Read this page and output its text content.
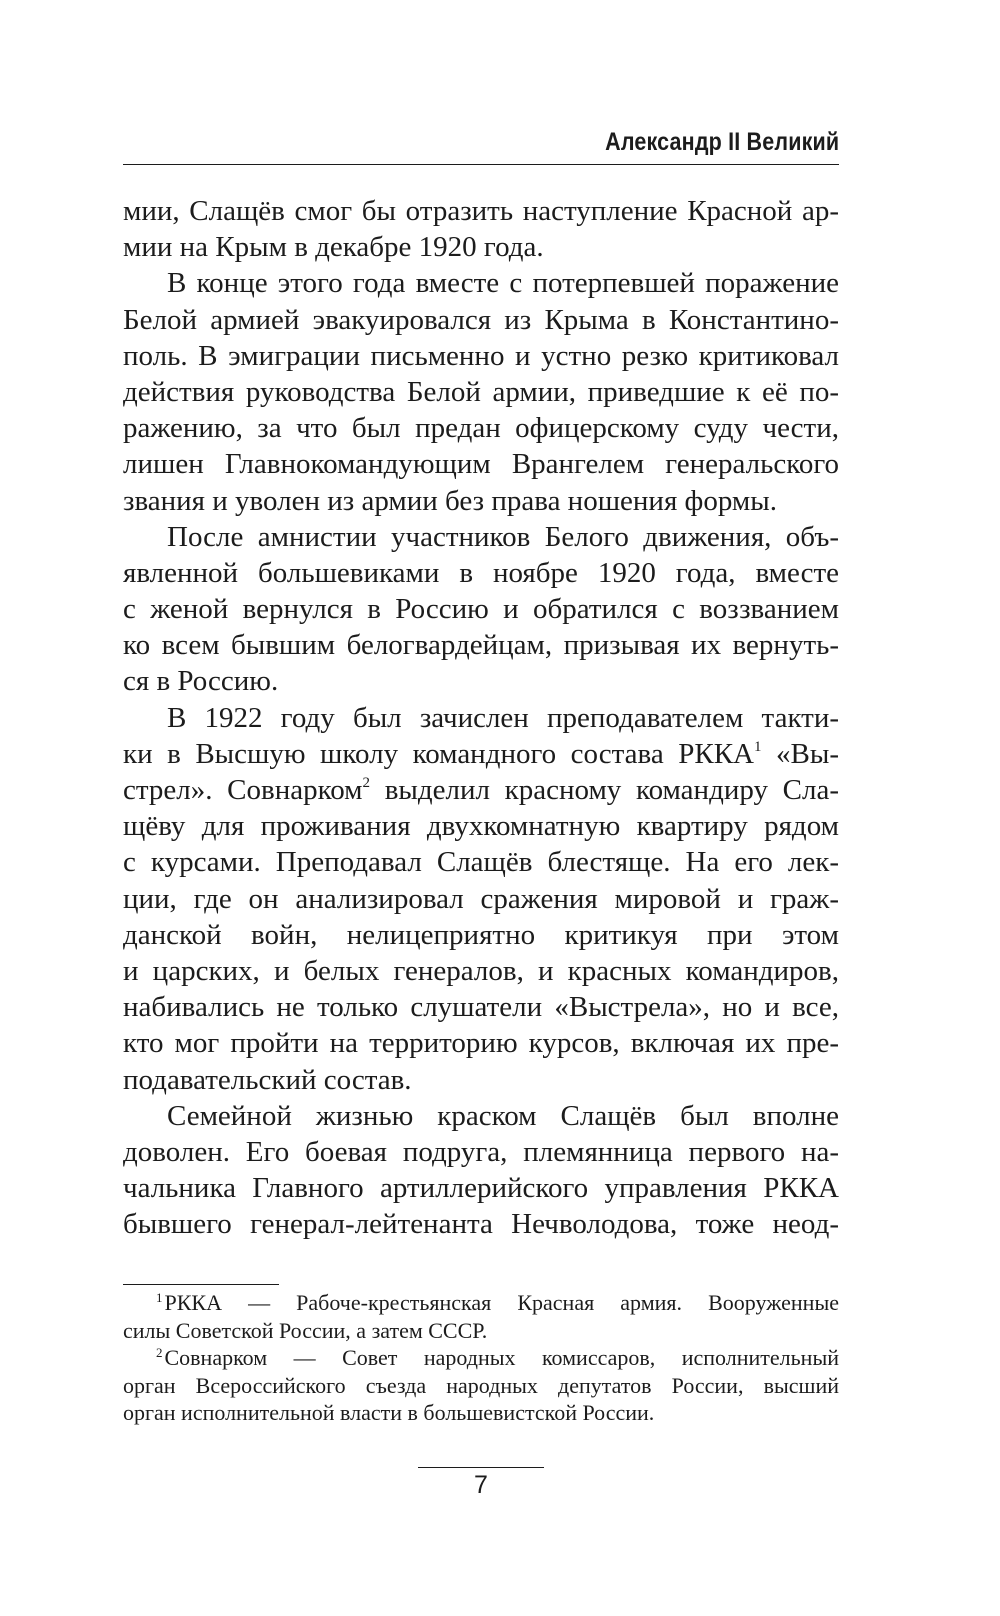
Александр II Великий
мии, Слащёв смог бы отразить наступление Красной ар-
мии на Крым в декабре 1920 года.
В конце этого года вместе с потерпевшей поражение
Белой армией эвакуировался из Крыма в Константино-
поль. В эмиграции письменно и устно резко критиковал
действия руководства Белой армии, приведшие к её по-
ражению, за что был предан офицерскому суду чести,
лишен Главнокомандующим Врангелем генеральского
звания и уволен из армии без права ношения формы.
После амнистии участников Белого движения, объ-
явленной большевиками в ноябре 1920 года, вместе
с женой вернулся в Россию и обратился с воззванием
ко всем бывшим белогвардейцам, призывая их вернуть-
ся в Россию.
В 1922 году был зачислен преподавателем такти-
ки в Высшую школу командного состава РККА$^1$ «Вы-
стрел». Совнарком$^2$ выделил красному командиру Сла-
щёву для проживания двухкомнатную квартиру рядом
с курсами. Преподавал Слащёв блестяще. На его лек-
ции, где он анализировал сражения мировой и граж-
данской войн, нелицеприятно критикуя при этом
и царских, и белых генералов, и красных командиров,
набивались не только слушатели «Выстрела», но и все,
кто мог пройти на территорию курсов, включая их пре-
подавательский состав.
Семейной жизнью краском Слащёв был вполне
доволен. Его боевая подруга, племянница первого на-
чальника Главного артиллерийского управления РККА
бывшего генерал-лейтенанта Нечволодова, тоже неод-
$^1$РККА — Рабоче-крестьянская Красная армия. Вооруженные
силы Советской России, а затем СССР.
$^2$Совнарком — Совет народных комиссаров, исполнительный
орган Всероссийского съезда народных депутатов России, высший
орган исполнительной власти в большевистской России.
7
